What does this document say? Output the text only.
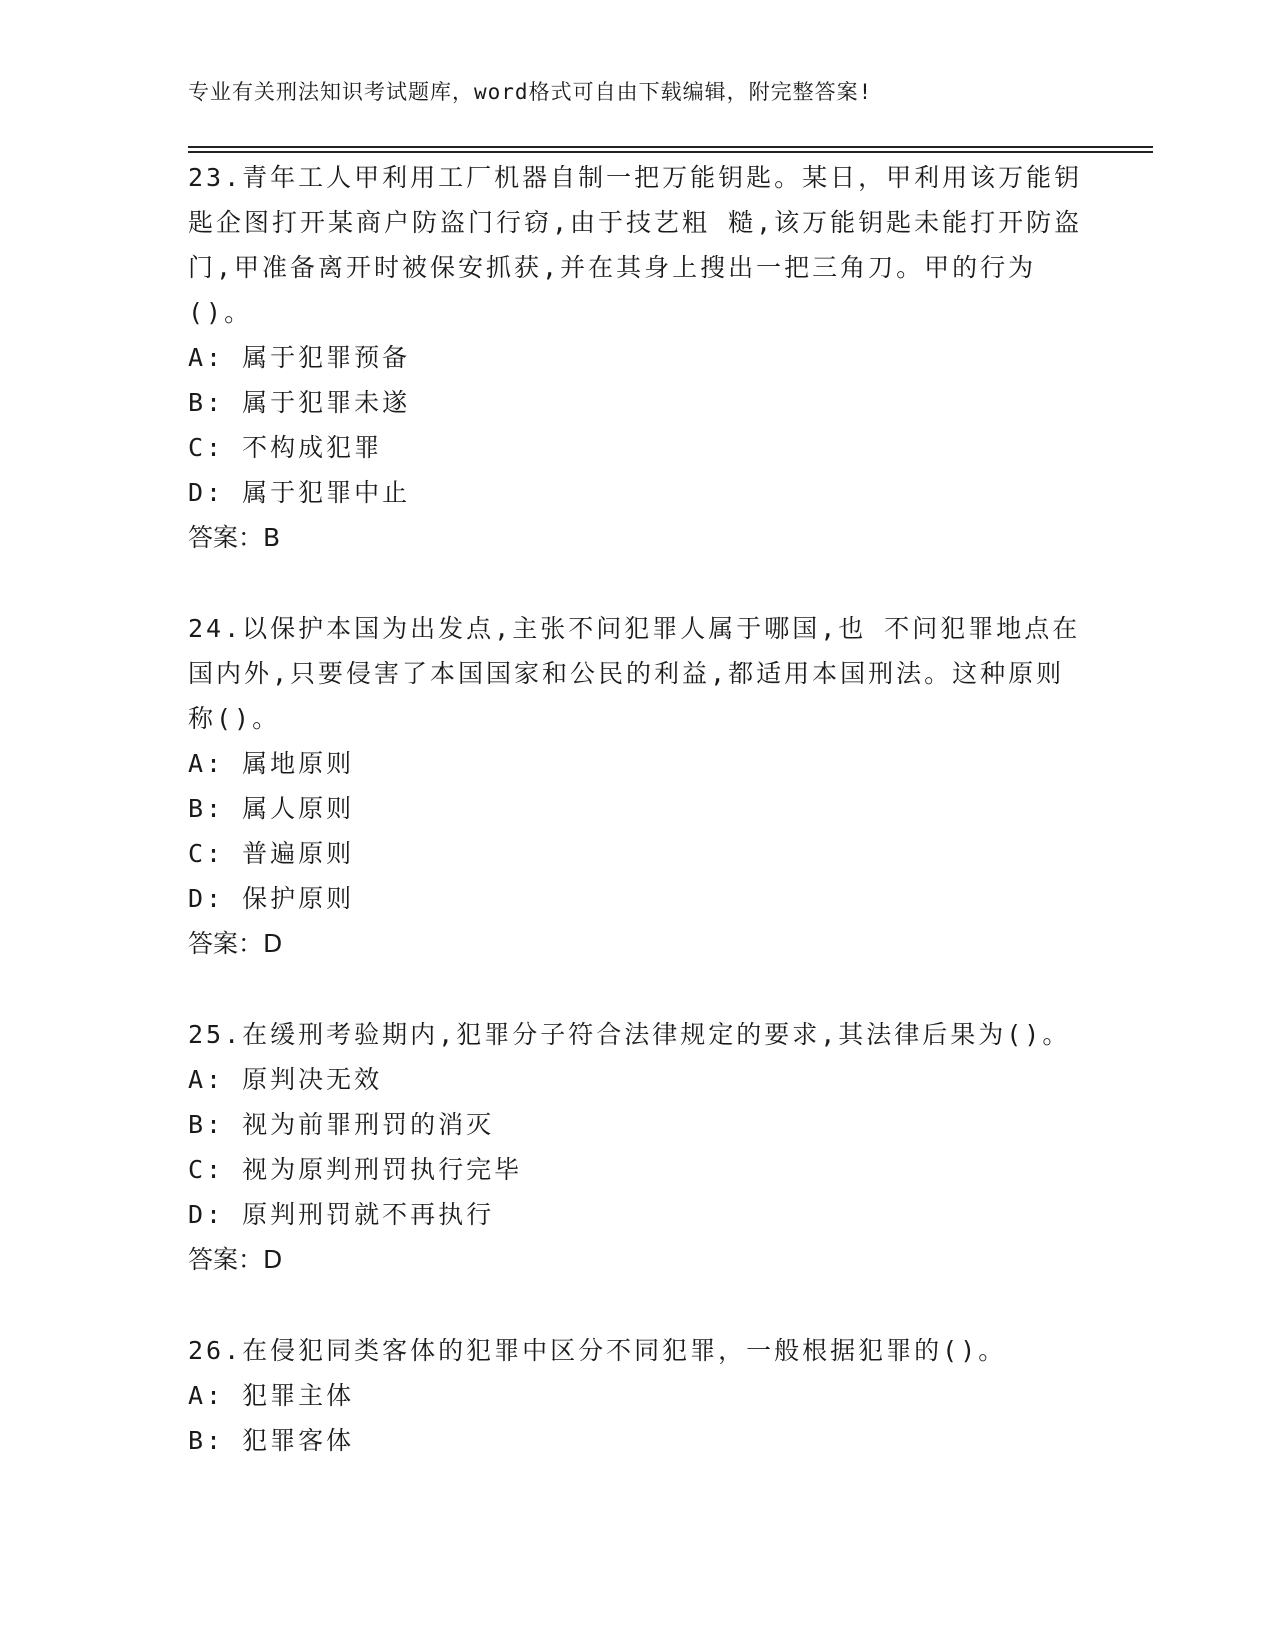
专业有关刑法知识考试题库，word格式可自由下载编辑，附完整答案!

23.青年工人甲利用工厂机器自制一把万能钥匙。某日，甲利用该万能钥匙企图打开某商户防盗门行窃,由于技艺粗 糙,该万能钥匙未能打开防盗门,甲准备离开时被保安抓获,并在其身上搜出一把三角刀。甲的行为()。

A: 属于犯罪预备

B: 属于犯罪未遂

C: 不构成犯罪

D: 属于犯罪中止

答案：B

24.以保护本国为出发点,主张不问犯罪人属于哪国,也 不问犯罪地点在国内外,只要侵害了本国国家和公民的利益,都适用本国刑法。这种原则称()。

A: 属地原则

B: 属人原则

C: 普遍原则

D: 保护原则

答案：D

25.在缓刑考验期内,犯罪分子符合法律规定的要求,其法律后果为()。

A: 原判决无效

B: 视为前罪刑罚的消灭

C: 视为原判刑罚执行完毕

D: 原判刑罚就不再执行

答案：D

26.在侵犯同类客体的犯罪中区分不同犯罪，一般根据犯罪的()。

A: 犯罪主体

B: 犯罪客体
